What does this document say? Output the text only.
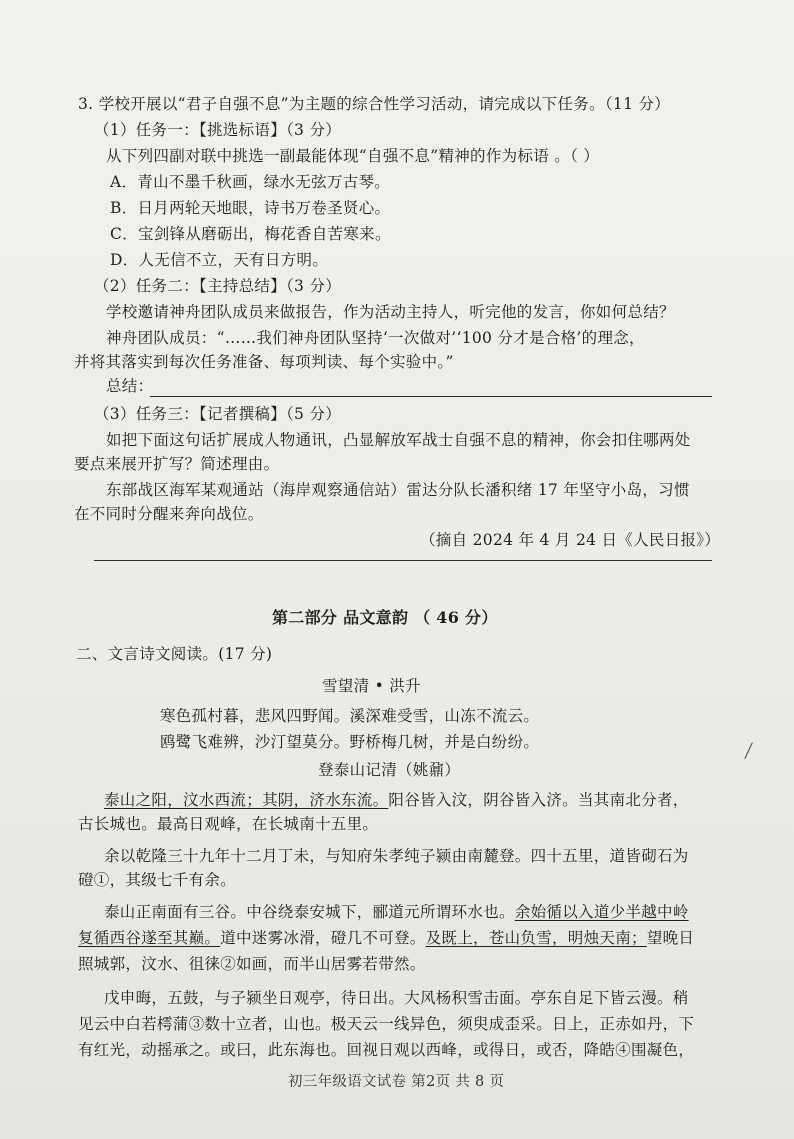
3. 学校开展以“君子自强不息”为主题的综合性学习活动，请完成以下任务。（11 分）
（1）任务一：【挑选标语】（3 分）
从下列四副对联中挑选一副最能体现“自强不息”精神的作为标语 。（ ）
A．青山不墨千秋画，绿水无弦万古琴。
B．日月两轮天地眼，诗书万卷圣贤心。
C．宝剑锋从磨砺出，梅花香自苦寒来。
D．人无信不立，天有日方明。
（2）任务二：【主持总结】（3 分）
学校邀请神舟团队成员来做报告，作为活动主持人，听完他的发言，你如何总结？
神舟团队成员：“……我们神舟团队坚持‘一次做对’‘100 分才是合格’的理念，
并将其落实到每次任务准备、每项判读、每个实验中。”
总结：
（3）任务三：【记者撰稿】（5 分）
如把下面这句话扩展成人物通讯，凸显解放军战士自强不息的精神，你会扣住哪两处
要点来展开扩写？简述理由。
东部战区海军某观通站（海岸观察通信站）雷达分队长潘积绪 17 年坚守小岛，习惯
在不同时分醒来奔向战位。
（摘自 2024 年 4 月 24 日《人民日报》）
第二部分 品文意韵 （ 46 分）
二、文言诗文阅读。(17 分)
雪望清 • 洪升
寒色孤村暮，悲风四野闻。溪深难受雪，山冻不流云。
鸥鹭飞难辨，沙汀望莫分。野桥梅几树，并是白纷纷。
登泰山记清（姚鼐）
泰山之阳，汶水西流；其阴，济水东流。阳谷皆入汶，阴谷皆入济。当其南北分者，
古长城也。最高日观峰，在长城南十五里。
余以乾隆三十九年十二月丁未，与知府朱孝纯子颍由南麓登。四十五里，道皆砌石为
磴①，其级七千有余。
泰山正南面有三谷。中谷绕泰安城下，郦道元所谓环水也。余始循以入道少半越中岭
复循西谷遂至其巅。道中迷雾冰滑，磴几不可登。及既上，苍山负雪，明烛天南；望晚日
照城郭，汶水、徂徕②如画，而半山居雾若带然。
戊申晦，五鼓，与子颍坐日观亭，待日出。大风杨积雪击面。亭东自足下皆云漫。稍
见云中白若樗蒲③数十立者，山也。极天云一线异色，须臾成歪采。日上，正赤如丹，下
有红光，动摇承之。或曰，此东海也。回视日观以西峰，或得日，或否，降皓④围凝色，
初三年级语文试卷 第2页 共 8 页
